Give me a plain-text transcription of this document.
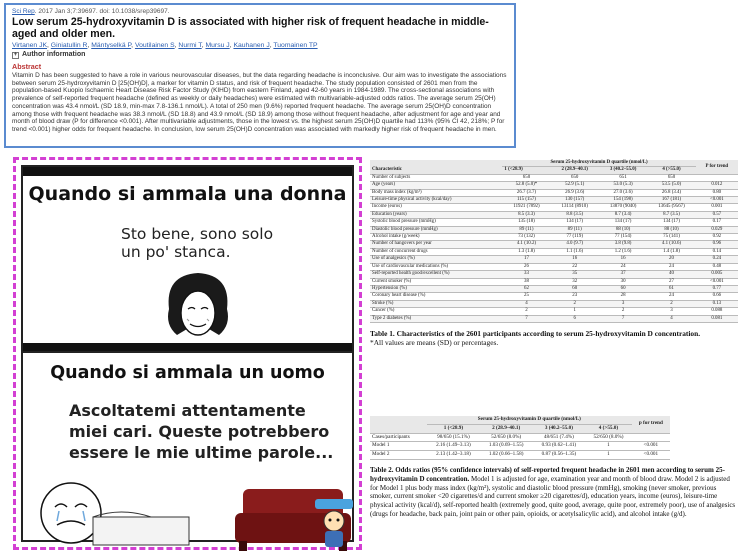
Sci Rep. 2017 Jan 3;7:39697. doi: 10.1038/srep39697.
Low serum 25-hydroxyvitamin D is associated with higher risk of frequent headache in middle-aged and older men.
Virtanen JK, Giniatullin R, Mäntyselkä P, Voutilainen S, Nurmi T, Mursu J, Kauhanen J, Tuomainen TP
+ Author information
Abstract
Vitamin D has been suggested to have a role in various neurovascular diseases, but the data regarding headache is inconclusive. Our aim was to investigate the associations between serum 25-hydroxyvitamin D [25(OH)D], a marker for vitamin D status, and risk of frequent headache. The study population consisted of 2601 men from the population-based Kuopio Ischaemic Heart Disease Risk Factor Study (KIHD) from eastern Finland, aged 42-60 years in 1984-1989. The cross-sectional associations with prevalence of self-reported frequent headache (defined as weekly or daily headaches) were estimated with multivariable-adjusted odds ratios. The average serum 25(OH) concentration was 43.4 nmol/L (SD 18.9, min-max 7.8-136.1 nmol/L). A total of 250 men (9.6%) reported frequent headache. The average serum 25(OH)D concentration among those with frequent headache was 38.3 nmol/L (SD 18.8) and 43.9 nmol/L (SD 18.9) among those without frequent headache, after adjustment for age and year and month of blood draw (P for difference <0.001). After multivariable adjustments, those in the lowest vs. the highest serum 25(OH)D quartile had 113% (95% CI 42, 218%; P for trend <0.001) higher odds for frequent headache. In conclusion, low serum 25(OH)D concentration was associated with markedly higher risk of frequent headache in men.
Quando si ammala una donna
Sto bene, sono solo
un po' stanca.
Quando si ammala un uomo
Ascoltatemi attentamente
miei cari. Queste potrebbero
essere le mie ultime parole...
Characteristic	Serum 25-hydroxyvitamin D quartile (nmol/L)				P for trend
	1 (<28.9)	2 (28.9–40.1)	3 (40.2–55.0)	4 (>55.0)	
Number of subjects	650	650	651	650	
Age (years)	52.8 (5.0)*	52.9 (5.1)	53.0 (5.3)	53.5 (5.0)	0.012
Body mass index (kg/m²)	26.7 (3.7)	26.9 (3.6)	27.0 (3.6)	26.8 (3.4)	0.80
Leisure-time physical activity (kcal/day)	115 (157)	130 (157)	154 (198)	167 (181)	<0.001
Income (euros)	11921 (7892)	13114 (8910)	13870 (9040)	13645 (9567)	0.001
Education (years)	8.5 (3.3)	8.8 (3.5)	8.7 (3.4)	8.7 (3.5)	0.57
Systolic blood pressure (mmHg)	135 (18)	134 (17)	134 (17)	134 (17)	0.17
Diastolic blood pressure (mmHg)	89 (11)	89 (11)	88 (10)	88 (10)	0.029
Alcohol intake (g/week)	73 (132)	77 (119)	77 (154)	75 (141)	0.92
Number of hangovers per year	4.1 (10.2)	4.0 (9.7)	3.8 (9.8)	4.1 (10.6)	0.96
Number of concurrent drugs	1.3 (1.8)	1.1 (1.6)	1.2 (1.6)	1.4 (1.8)	0.14
Use of analgesics (%)	17	16	16	20	0.24
Use of cardiovascular medications (%)	26	22	24	24	0.48
Self-reported health good/excellent (%)	33	35	37	40	0.005
Current smoker (%)	38	32	30	27	<0.001
Hypertension (%)	62	60	60	61	0.77
Coronary heart disease (%)	25	23	28	24	0.66
Stroke (%)	4	2	3	2	0.13
Cancer (%)	2	1	2	3	0.088
Type 2 diabetes (%)	7	6	7	4	0.081
Table 1. Characteristics of the 2601 participants according to serum 25-hydroxyvitamin D concentration.
*All values are means (SD) or percentages.
	Serum 25-hydroxyvitamin D quartile (nmol/L)				p for trend
	1 (<28.9)	2 (28.9–40.1)	3 (40.2–55.0)	4 (>55.0)	
Cases/participants	98/650 (15.1%)	52/650 (8.0%)	48/651 (7.4%)	52/650 (8.0%)	
Model 1	2.16 (1.49–3.13)	1.03 (0.69–1.55)	0.93 (0.62–1.41)	1	<0.001
Model 2	2.13 (1.42–3.18)	1.02 (0.66–1.58)	0.87 (0.56–1.35)	1	<0.001
Table 2. Odds ratios (95% confidence intervals) of self-reported frequent headache in 2601 men according to serum 25-hydroxyvitamin D concentration. Model 1 is adjusted for age, examination year and month of blood draw. Model 2 is adjusted for Model 1 plus body mass index (kg/m²), systolic and diastolic blood pressure (mmHg), smoking (never smoker, previous smoker, current smoker <20 cigarettes/d and current smoker ≥20 cigarettes/d), education years, income (euros), leisure-time physical activity (kcal/d), self-reported health (extremely good, quite good, average, quite poor, extremely poor), use of analgesics (drugs for headache, back pain, joint pain or other pain, opioids, or acetylsalicylic acid), and alcohol intake (g/d).
